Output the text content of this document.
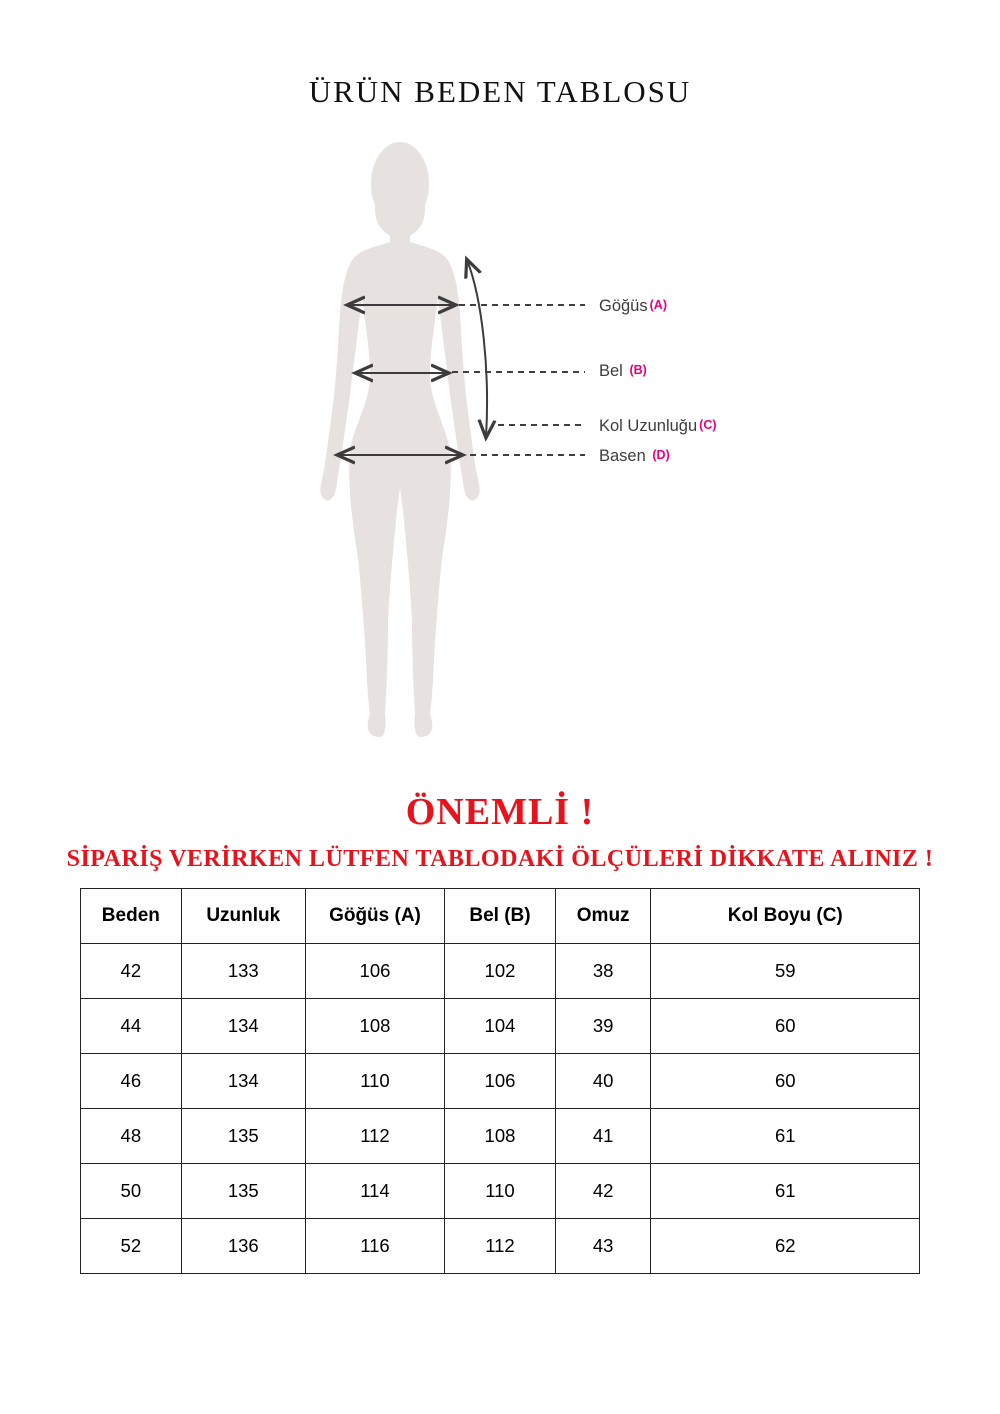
ÜRÜN BEDEN TABLOSU
Göğüs (A)
Bel (B)
Kol Uzunluğu (C)
Basen (D)
ÖNEMLİ !
SİPARİŞ VERİRKEN LÜTFEN TABLODAKİ ÖLÇÜLERİ DİKKATE ALINIZ !
Beden	Uzunluk	Göğüs (A)	Bel (B)	Omuz	Kol Boyu (C)
42	133	106	102	38	59
44	134	108	104	39	60
46	134	110	106	40	60
48	135	112	108	41	61
50	135	114	110	42	61
52	136	116	112	43	62
